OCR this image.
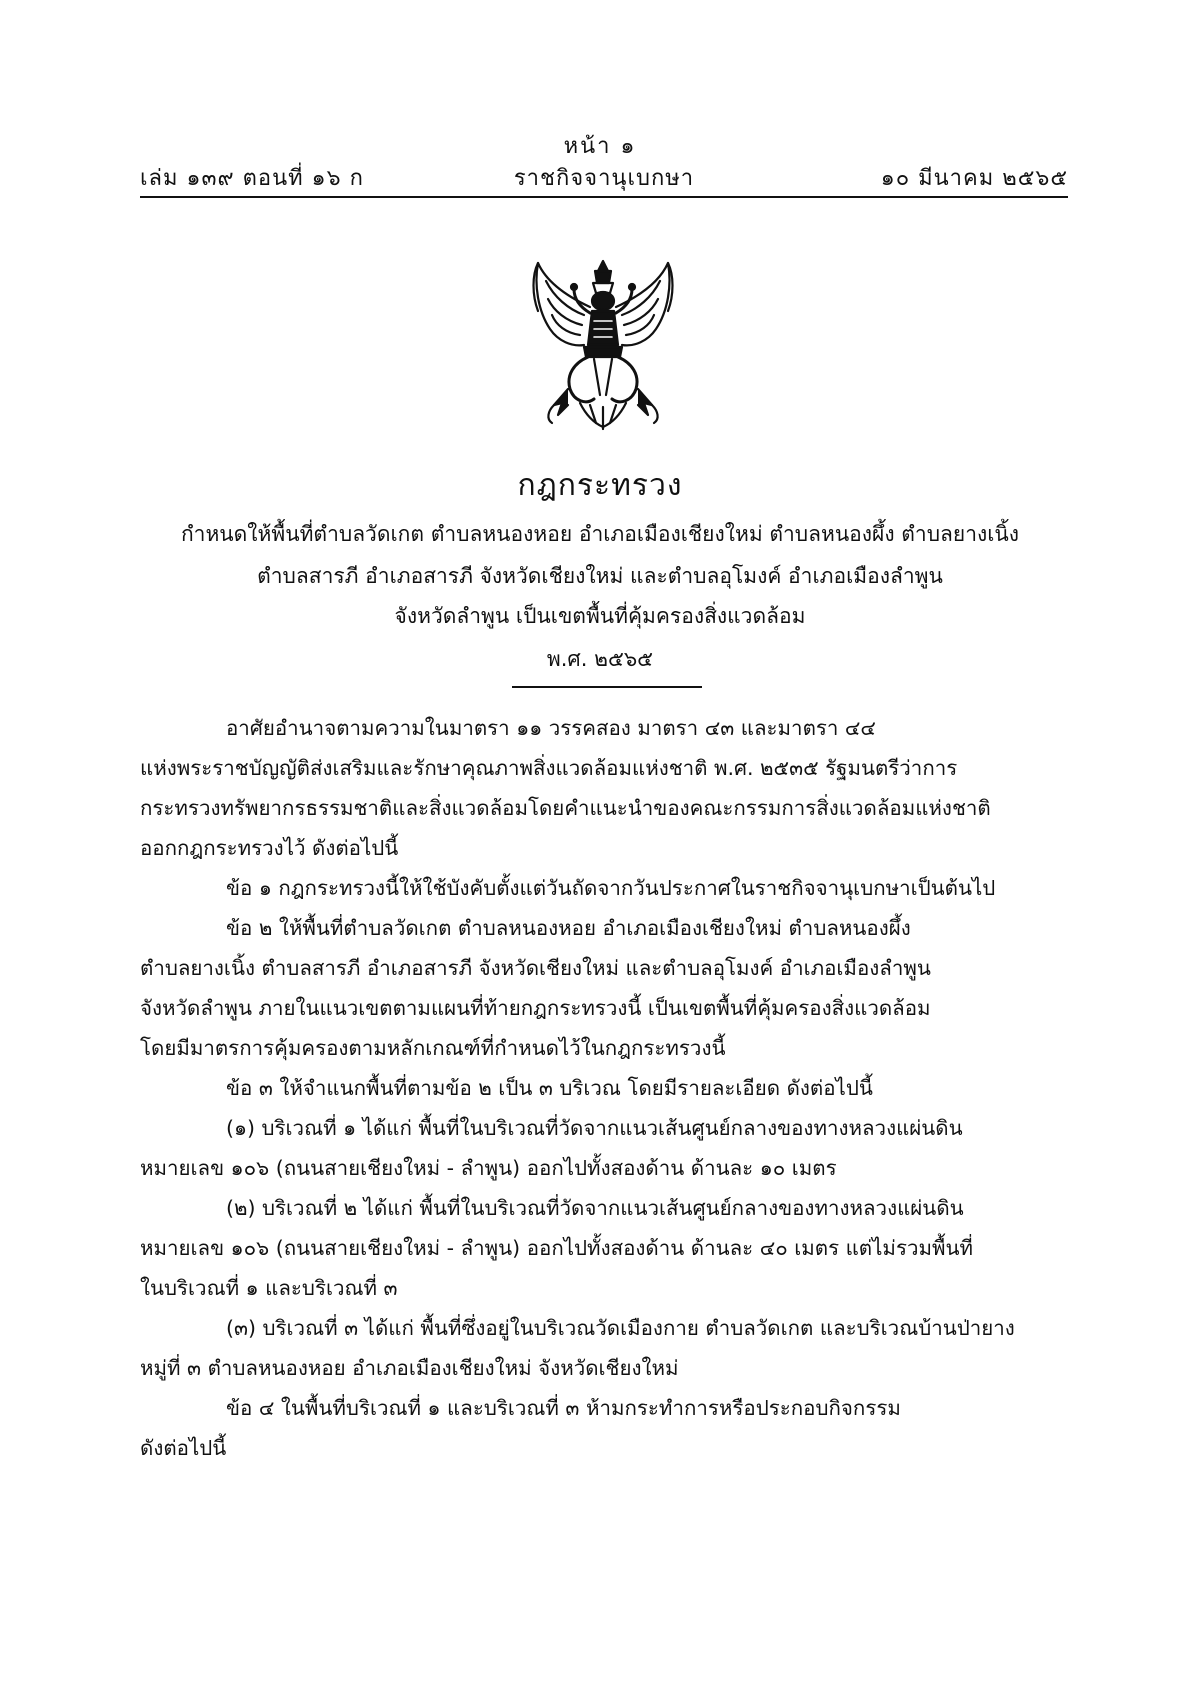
หน้า ๑
เล่ม ๑๓๙ ตอนที่ ๑๖ ก	ราชกิจจานุเบกษา	๑๐ มีนาคม ๒๕๖๕
กฎกระทรวง
กำหนดให้พื้นที่ตำบลวัดเกต ตำบลหนองหอย อำเภอเมืองเชียงใหม่ ตำบลหนองผึ้ง ตำบลยางเนิ้ง
ตำบลสารภี อำเภอสารภี จังหวัดเชียงใหม่ และตำบลอุโมงค์ อำเภอเมืองลำพูน
จังหวัดลำพูน เป็นเขตพื้นที่คุ้มครองสิ่งแวดล้อม
พ.ศ. ๒๕๖๕
อาศัยอำนาจตามความในมาตรา ๑๑ วรรคสอง มาตรา ๔๓ และมาตรา ๔๔
แห่งพระราชบัญญัติส่งเสริมและรักษาคุณภาพสิ่งแวดล้อมแห่งชาติ พ.ศ. ๒๕๓๕ รัฐมนตรีว่าการ
กระทรวงทรัพยากรธรรมชาติและสิ่งแวดล้อมโดยคำแนะนำของคณะกรรมการสิ่งแวดล้อมแห่งชาติ
ออกกฎกระทรวงไว้ ดังต่อไปนี้
ข้อ ๑ กฎกระทรวงนี้ให้ใช้บังคับตั้งแต่วันถัดจากวันประกาศในราชกิจจานุเบกษาเป็นต้นไป
ข้อ ๒ ให้พื้นที่ตำบลวัดเกต ตำบลหนองหอย อำเภอเมืองเชียงใหม่ ตำบลหนองผึ้ง
ตำบลยางเนิ้ง ตำบลสารภี อำเภอสารภี จังหวัดเชียงใหม่ และตำบลอุโมงค์ อำเภอเมืองลำพูน
จังหวัดลำพูน ภายในแนวเขตตามแผนที่ท้ายกฎกระทรวงนี้ เป็นเขตพื้นที่คุ้มครองสิ่งแวดล้อม
โดยมีมาตรการคุ้มครองตามหลักเกณฑ์ที่กำหนดไว้ในกฎกระทรวงนี้
ข้อ ๓ ให้จำแนกพื้นที่ตามข้อ ๒ เป็น ๓ บริเวณ โดยมีรายละเอียด ดังต่อไปนี้
(๑) บริเวณที่ ๑ ได้แก่ พื้นที่ในบริเวณที่วัดจากแนวเส้นศูนย์กลางของทางหลวงแผ่นดิน
หมายเลข ๑๐๖ (ถนนสายเชียงใหม่ - ลำพูน) ออกไปทั้งสองด้าน ด้านละ ๑๐ เมตร
(๒) บริเวณที่ ๒ ได้แก่ พื้นที่ในบริเวณที่วัดจากแนวเส้นศูนย์กลางของทางหลวงแผ่นดิน
หมายเลข ๑๐๖ (ถนนสายเชียงใหม่ - ลำพูน) ออกไปทั้งสองด้าน ด้านละ ๔๐ เมตร แต่ไม่รวมพื้นที่
ในบริเวณที่ ๑ และบริเวณที่ ๓
(๓) บริเวณที่ ๓ ได้แก่ พื้นที่ซึ่งอยู่ในบริเวณวัดเมืองกาย ตำบลวัดเกต และบริเวณบ้านป่ายาง
หมู่ที่ ๓ ตำบลหนองหอย อำเภอเมืองเชียงใหม่ จังหวัดเชียงใหม่
ข้อ ๔ ในพื้นที่บริเวณที่ ๑ และบริเวณที่ ๓ ห้ามกระทำการหรือประกอบกิจกรรม
ดังต่อไปนี้
